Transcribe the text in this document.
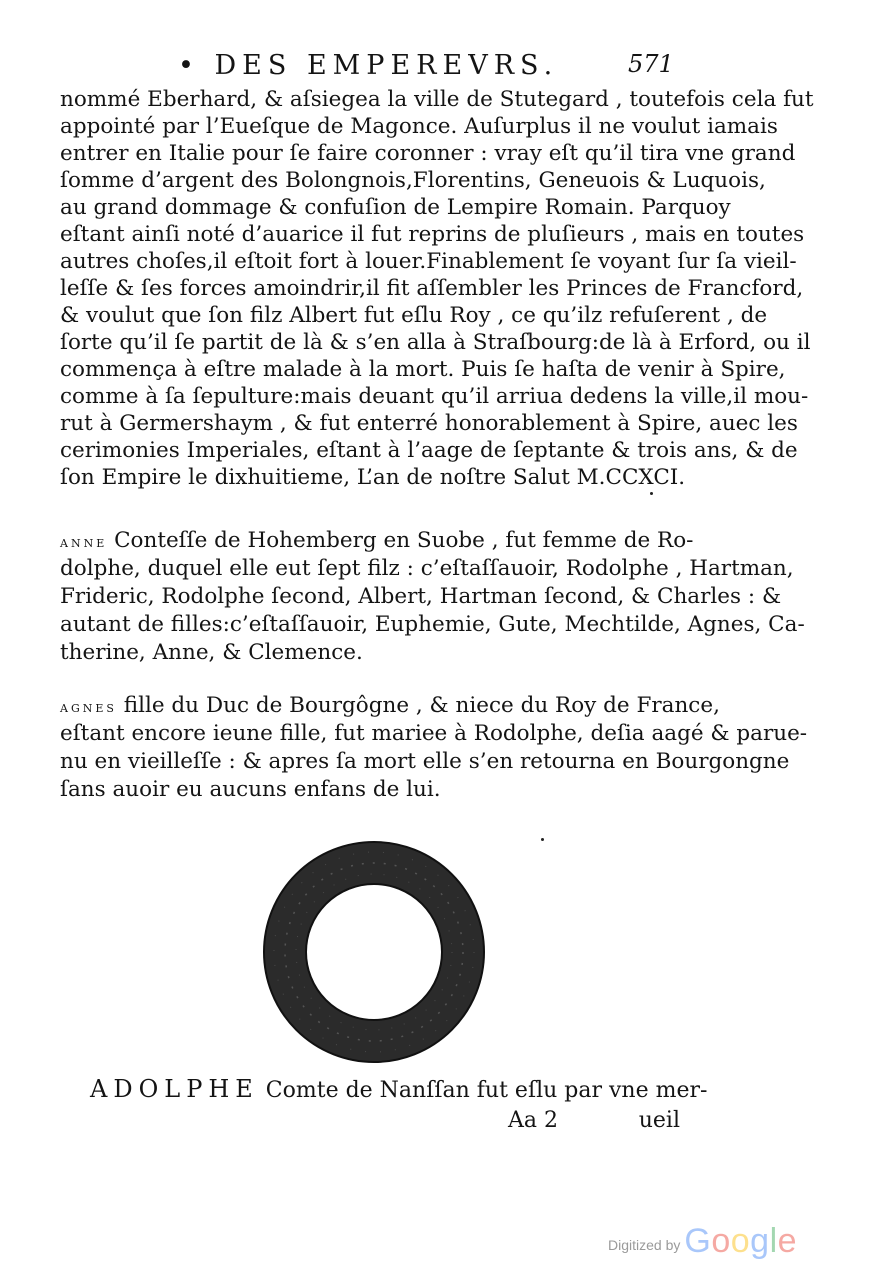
• DES EMPEREVRS.	571
nommé Eberhard, & aſsiegea la ville de Stutegard , toutefois cela fut
appointé par l’Eueſque de Magonce. Auſurplus il ne voulut iamais
entrer en Italie pour ſe faire coronner : vray eſt qu’il tira vne grand
ſomme d’argent des Bolongnois,Florentins, Geneuois & Luquois,
au grand dommage & confuſion de Lempire Romain. Parquoy
eſtant ainſi noté d’auarice il fut reprins de pluſieurs , mais en toutes
autres choſes,il eſtoit fort à louer.Finablement ſe voyant ſur ſa vieil-
leſſe & ſes forces amoindrir,il fit aſſembler les Princes de Francford,
& voulut que ſon filz Albert fut eſlu Roy , ce qu’ilz refuſerent , de
ſorte qu’il ſe partit de là & s’en alla à Straſbourg:de là à Erford, ou il
commença à eſtre malade à la mort. Puis ſe haſta de venir à Spire,
comme à ſa ſepulture:mais deuant qu’il arriua dedens la ville,il mou-
rut à Germershaym , & fut enterré honorablement à Spire, auec les
cerimonies Imperiales, eſtant à l’aage de ſeptante & trois ans, & de
ſon Empire le dixhuitieme, L’an de noſtre Salut M.CCXCI.
ANNE Conteſſe de Hohemberg en Suobe , fut femme de Ro-
dolphe, duquel elle eut ſept filz : c’eſtaſſauoir, Rodolphe , Hartman,
Frideric, Rodolphe ſecond, Albert, Hartman ſecond, & Charles : &
autant de filles:c’eſtaſſauoir, Euphemie, Gute, Mechtilde, Agnes, Ca-
therine, Anne, & Clemence.
AGNES fille du Duc de Bourgôgne , & niece du Roy de France,
eſtant encore ieune fille, fut mariee à Rodolphe, deſia aagé & parue-
nu en vieilleſſe : & apres ſa mort elle s’en retourna en Bourgongne
ſans auoir eu aucuns enfans de lui.
ADOLPHE Comte de Nanſſan fut eſlu par vne mer-
Aa 2	ueil
Digitized by Google
